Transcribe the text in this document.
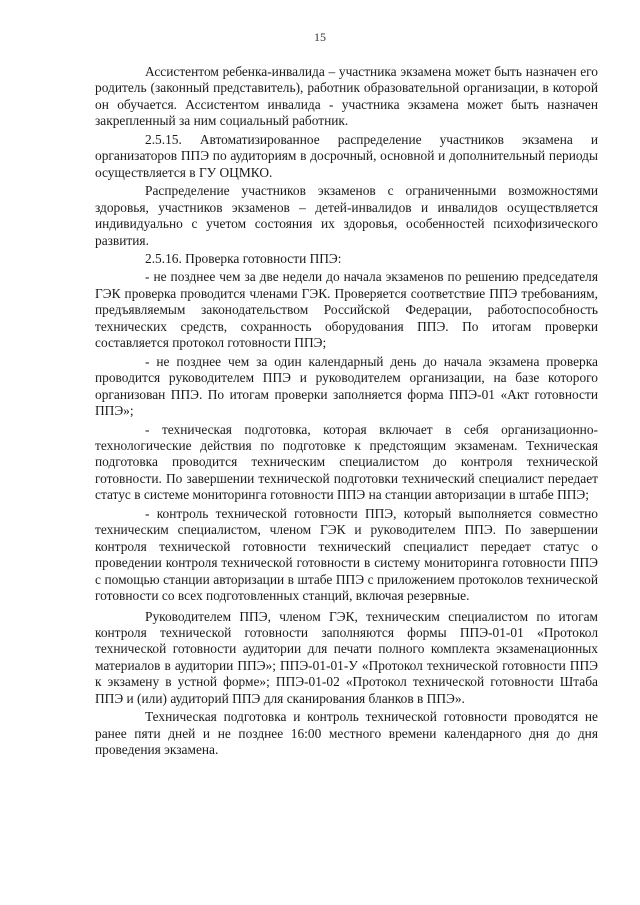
15

Ассистентом ребенка-инвалида – участника экзамена может быть назначен его родитель (законный представитель), работник образовательной организации, в которой он обучается. Ассистентом инвалида - участника экзамена может быть назначен закрепленный за ним социальный работник.

2.5.15. Автоматизированное распределение участников экзамена и организаторов ППЭ по аудиториям в досрочный, основной и дополнительный периоды осуществляется в ГУ ОЦМКО.

Распределение участников экзаменов с ограниченными возможностями здоровья, участников экзаменов – детей-инвалидов и инвалидов осуществляется индивидуально с учетом состояния их здоровья, особенностей психофизического развития.

2.5.16. Проверка готовности ППЭ:

- не позднее чем за две недели до начала экзаменов по решению председателя ГЭК проверка проводится членами ГЭК. Проверяется соответствие ППЭ требованиям, предъявляемым законодательством Российской Федерации, работоспособность технических средств, сохранность оборудования ППЭ. По итогам проверки составляется протокол готовности ППЭ;

- не позднее чем за один календарный день до начала экзамена проверка проводится руководителем ППЭ и руководителем организации, на базе которого организован ППЭ. По итогам проверки заполняется форма ППЭ-01 «Акт готовности ППЭ»;

- техническая подготовка, которая включает в себя организационно-технологические действия по подготовке к предстоящим экзаменам. Техническая подготовка проводится техническим специалистом до контроля технической готовности. По завершении технической подготовки технический специалист передает статус в системе мониторинга готовности ППЭ на станции авторизации в штабе ППЭ;

- контроль технической готовности ППЭ, который выполняется совместно техническим специалистом, членом ГЭК и руководителем ППЭ. По завершении контроля технической готовности технический специалист передает статус о проведении контроля технической готовности в систему мониторинга готовности ППЭ с помощью станции авторизации в штабе ППЭ с приложением протоколов технической готовности со всех подготовленных станций, включая резервные.

Руководителем ППЭ, членом ГЭК, техническим специалистом по итогам контроля технической готовности заполняются формы ППЭ-01-01 «Протокол технической готовности аудитории для печати полного комплекта экзаменационных материалов в аудитории ППЭ»; ППЭ-01-01-У «Протокол технической готовности ППЭ к экзамену в устной форме»; ППЭ-01-02 «Протокол технической готовности Штаба ППЭ и (или) аудиторий ППЭ для сканирования бланков в ППЭ».

Техническая подготовка и контроль технической готовности проводятся не ранее пяти дней и не позднее 16:00 местного времени календарного дня до дня проведения экзамена.
